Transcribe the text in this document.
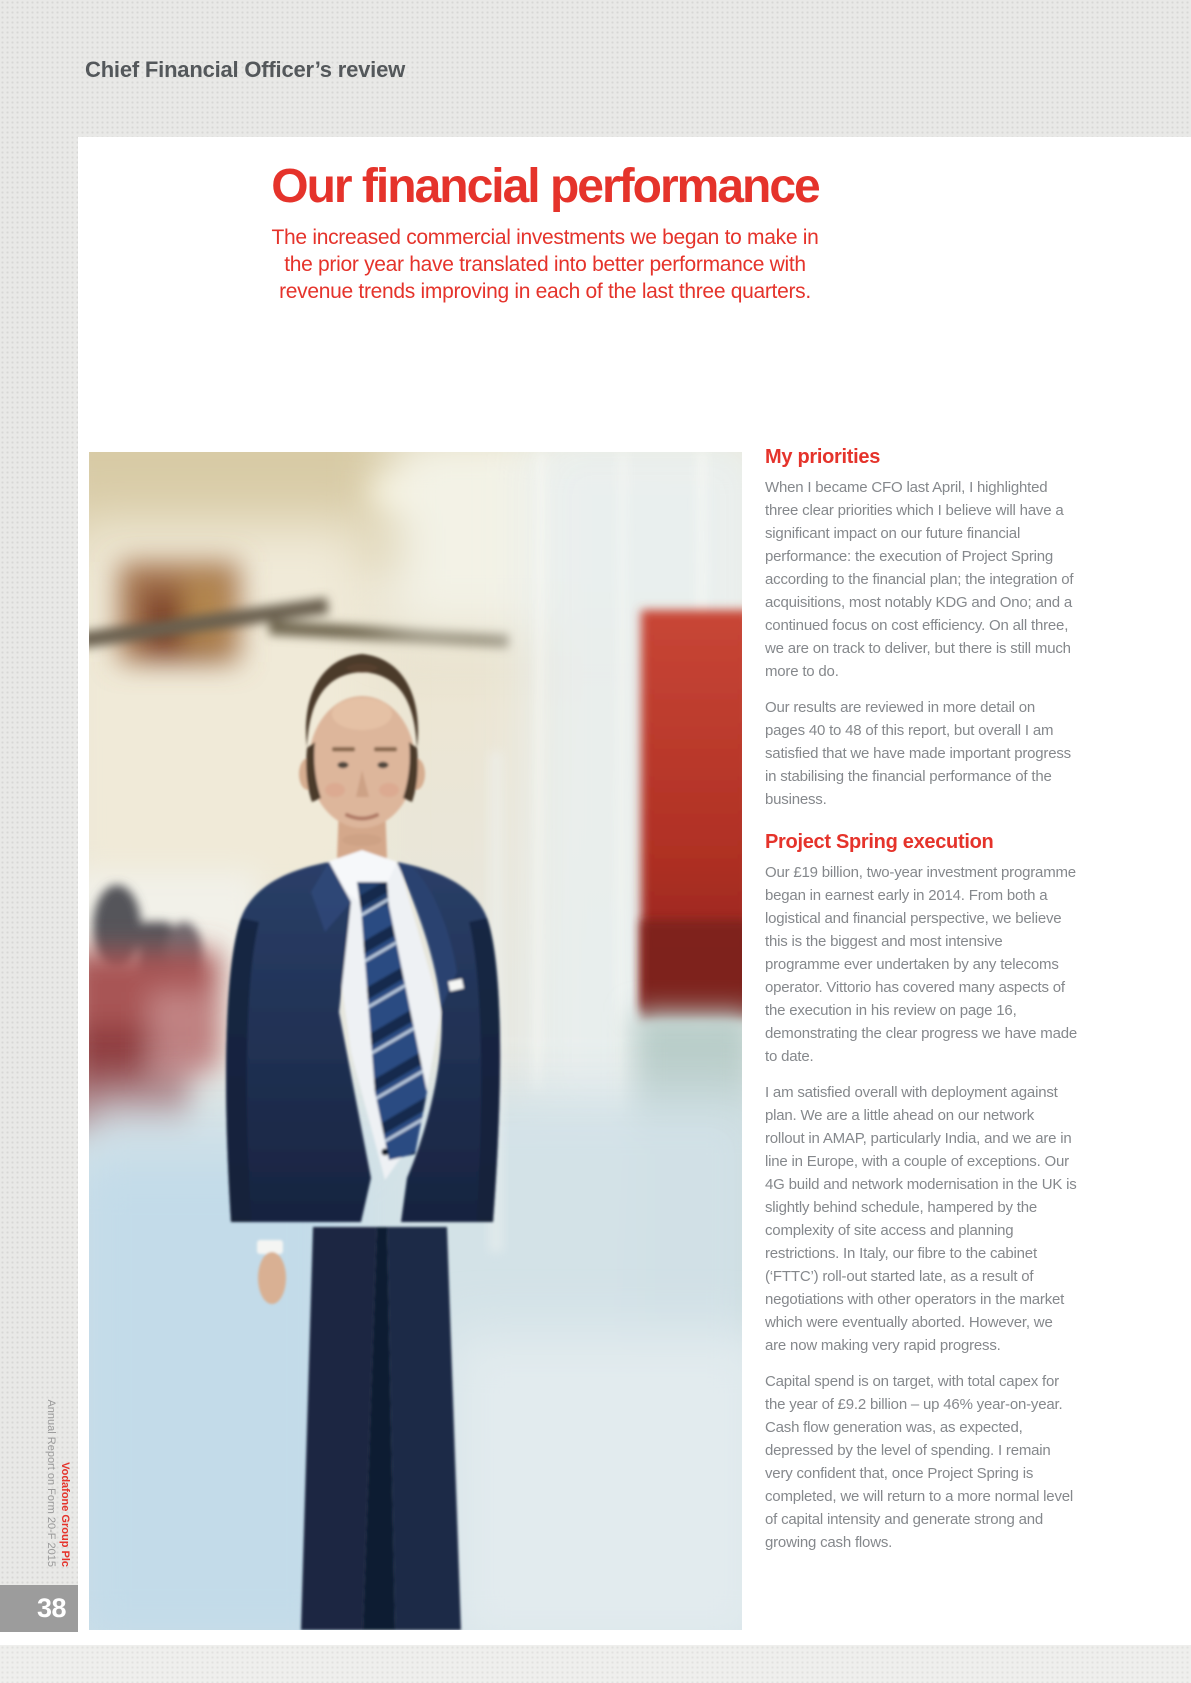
Chief Financial Officer’s review
Our financial performance

The increased commercial investments we began to make in the prior year have translated into better performance with revenue trends improving in each of the last three quarters.

My priorities

When I became CFO last April, I highlighted three clear priorities which I believe will have a significant impact on our future financial performance: the execution of Project Spring according to the financial plan; the integration of acquisitions, most notably KDG and Ono; and a continued focus on cost efficiency. On all three, we are on track to deliver, but there is still much more to do.

Our results are reviewed in more detail on pages 40 to 48 of this report, but overall I am satisfied that we have made important progress in stabilising the financial performance of the business.

Project Spring execution

Our £19 billion, two-year investment programme began in earnest early in 2014. From both a logistical and financial perspective, we believe this is the biggest and most intensive programme ever undertaken by any telecoms operator. Vittorio has covered many aspects of the execution in his review on page 16, demonstrating the clear progress we have made to date.

I am satisfied overall with deployment against plan. We are a little ahead on our network rollout in AMAP, particularly India, and we are in line in Europe, with a couple of exceptions. Our 4G build and network modernisation in the UK is slightly behind schedule, hampered by the complexity of site access and planning restrictions. In Italy, our fibre to the cabinet (‘FTTC’) roll-out started late, as a result of negotiations with other operators in the market which were eventually aborted. However, we are now making very rapid progress.

Capital spend is on target, with total capex for the year of £9.2 billion – up 46% year-on-year. Cash flow generation was, as expected, depressed by the level of spending. I remain very confident that, once Project Spring is completed, we will return to a more normal level of capital intensity and generate strong and growing cash flows.

Vodafone Group Plc
Annual Report on Form 20-F 2015
38
